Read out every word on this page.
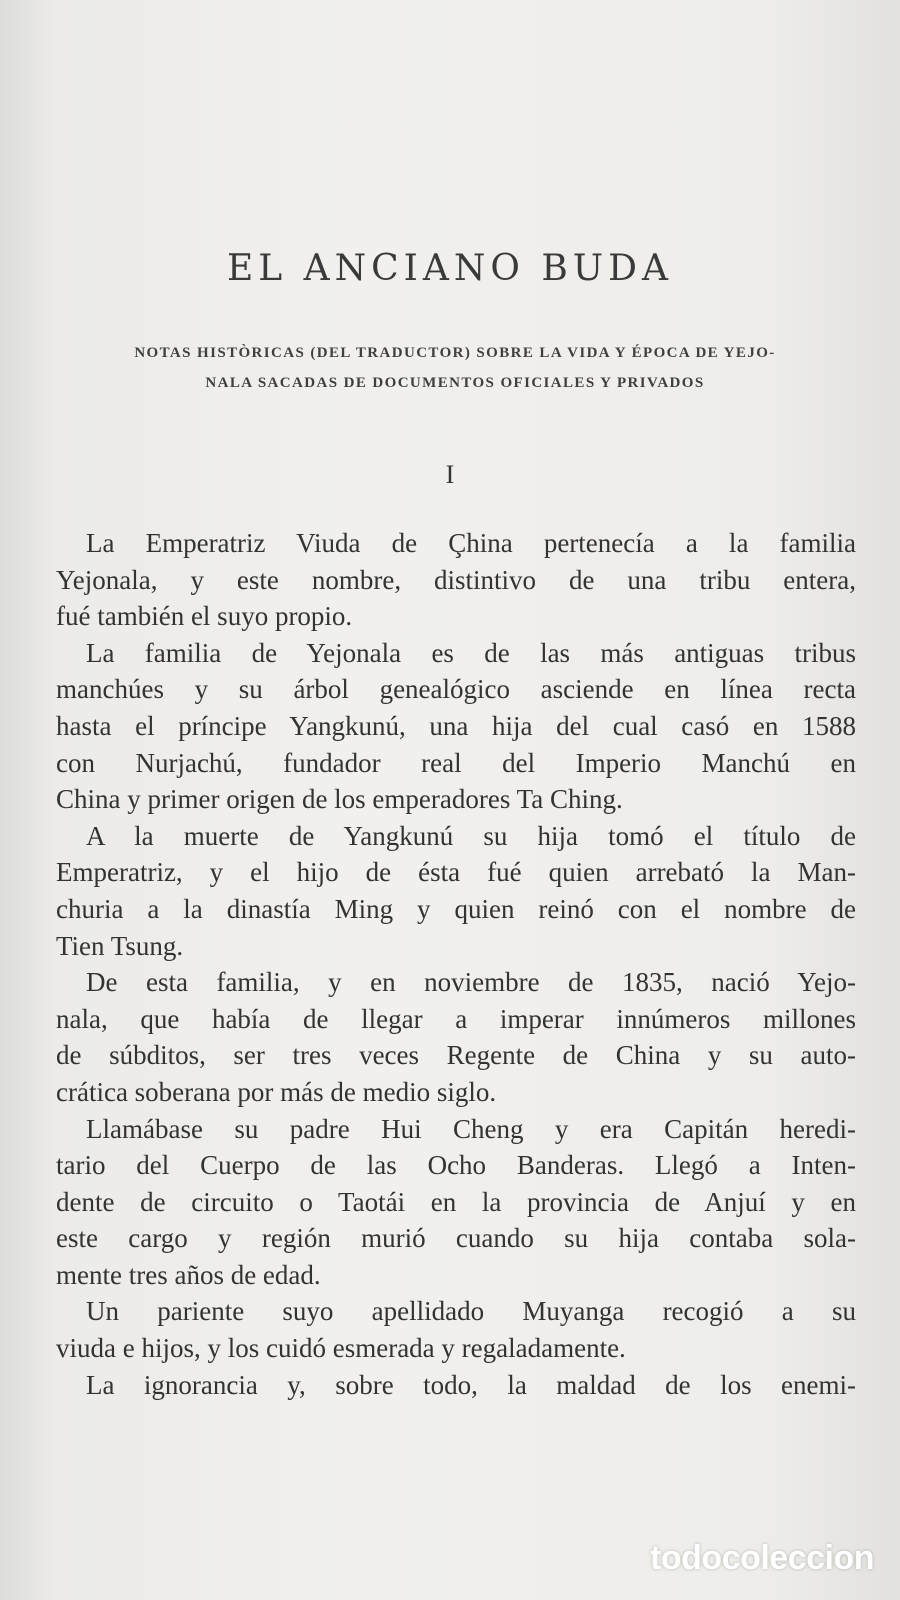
EL ANCIANO BUDA
NOTAS HISTÒRICAS (DEL TRADUCTOR) SOBRE LA VIDA Y ÉPOCA DE YEJO-
NALA SACADAS DE DOCUMENTOS OFICIALES Y PRIVADOS
I
La Emperatriz Viuda de Çhina pertenecía a la familia
Yejonala, y este nombre, distintivo de una tribu entera,
fué también el suyo propio.
La familia de Yejonala es de las más antiguas tribus
manchúes y su árbol genealógico asciende en línea recta
hasta el príncipe Yangkunú, una hija del cual casó en 1588
con Nurjachú, fundador real del Imperio Manchú en
China y primer origen de los emperadores Ta Ching.
A la muerte de Yangkunú su hija tomó el título de
Emperatriz, y el hijo de ésta fué quien arrebató la Man-
churia a la dinastía Ming y quien reinó con el nombre de
Tien Tsung.
De esta familia, y en noviembre de 1835, nació Yejo-
nala, que había de llegar a imperar innúmeros millones
de súbditos, ser tres veces Regente de China y su auto-
crática soberana por más de medio siglo.
Llamábase su padre Hui Cheng y era Capitán heredi-
tario del Cuerpo de las Ocho Banderas. Llegó a Inten-
dente de circuito o Taotái en la provincia de Anjuí y en
este cargo y región murió cuando su hija contaba sola-
mente tres años de edad.
Un pariente suyo apellidado Muyanga recogió a su
viuda e hijos, y los cuidó esmerada y regaladamente.
La ignorancia y, sobre todo, la maldad de los enemi-
todocoleccion
